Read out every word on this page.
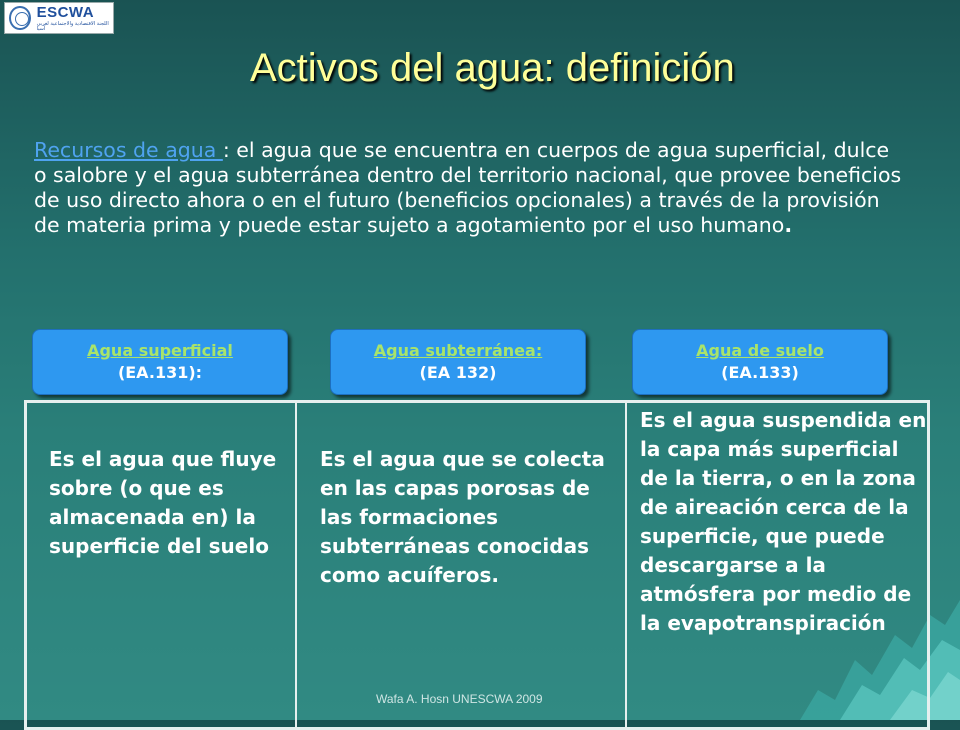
ESCWA
اللجنة الاقتصادية والاجتماعية لغربي آسيا
Activos del agua: definición

Recursos de agua : el agua que se encuentra en cuerpos de agua superficial, dulce o salobre y el agua subterránea dentro del territorio nacional, que provee beneficios de uso directo ahora o en el futuro (beneficios opcionales) a través de la provisión de materia prima y puede estar sujeto a agotamiento por el uso humano.

Agua superficial
(EA.131):
Agua subterránea:
(EA 132)
Agua de suelo
(EA.133)

Es el agua que fluye sobre (o que es almacenada en) la superficie del suelo

Es el agua que se colecta en las capas porosas de las formaciones subterráneas conocidas como acuíferos.

Es el agua suspendida en la capa más superficial de la tierra, o en la zona de aireación cerca de la superficie, que puede descargarse a la atmósfera por medio de la evapotranspiración

Wafa A. Hosn UNESCWA 2009
